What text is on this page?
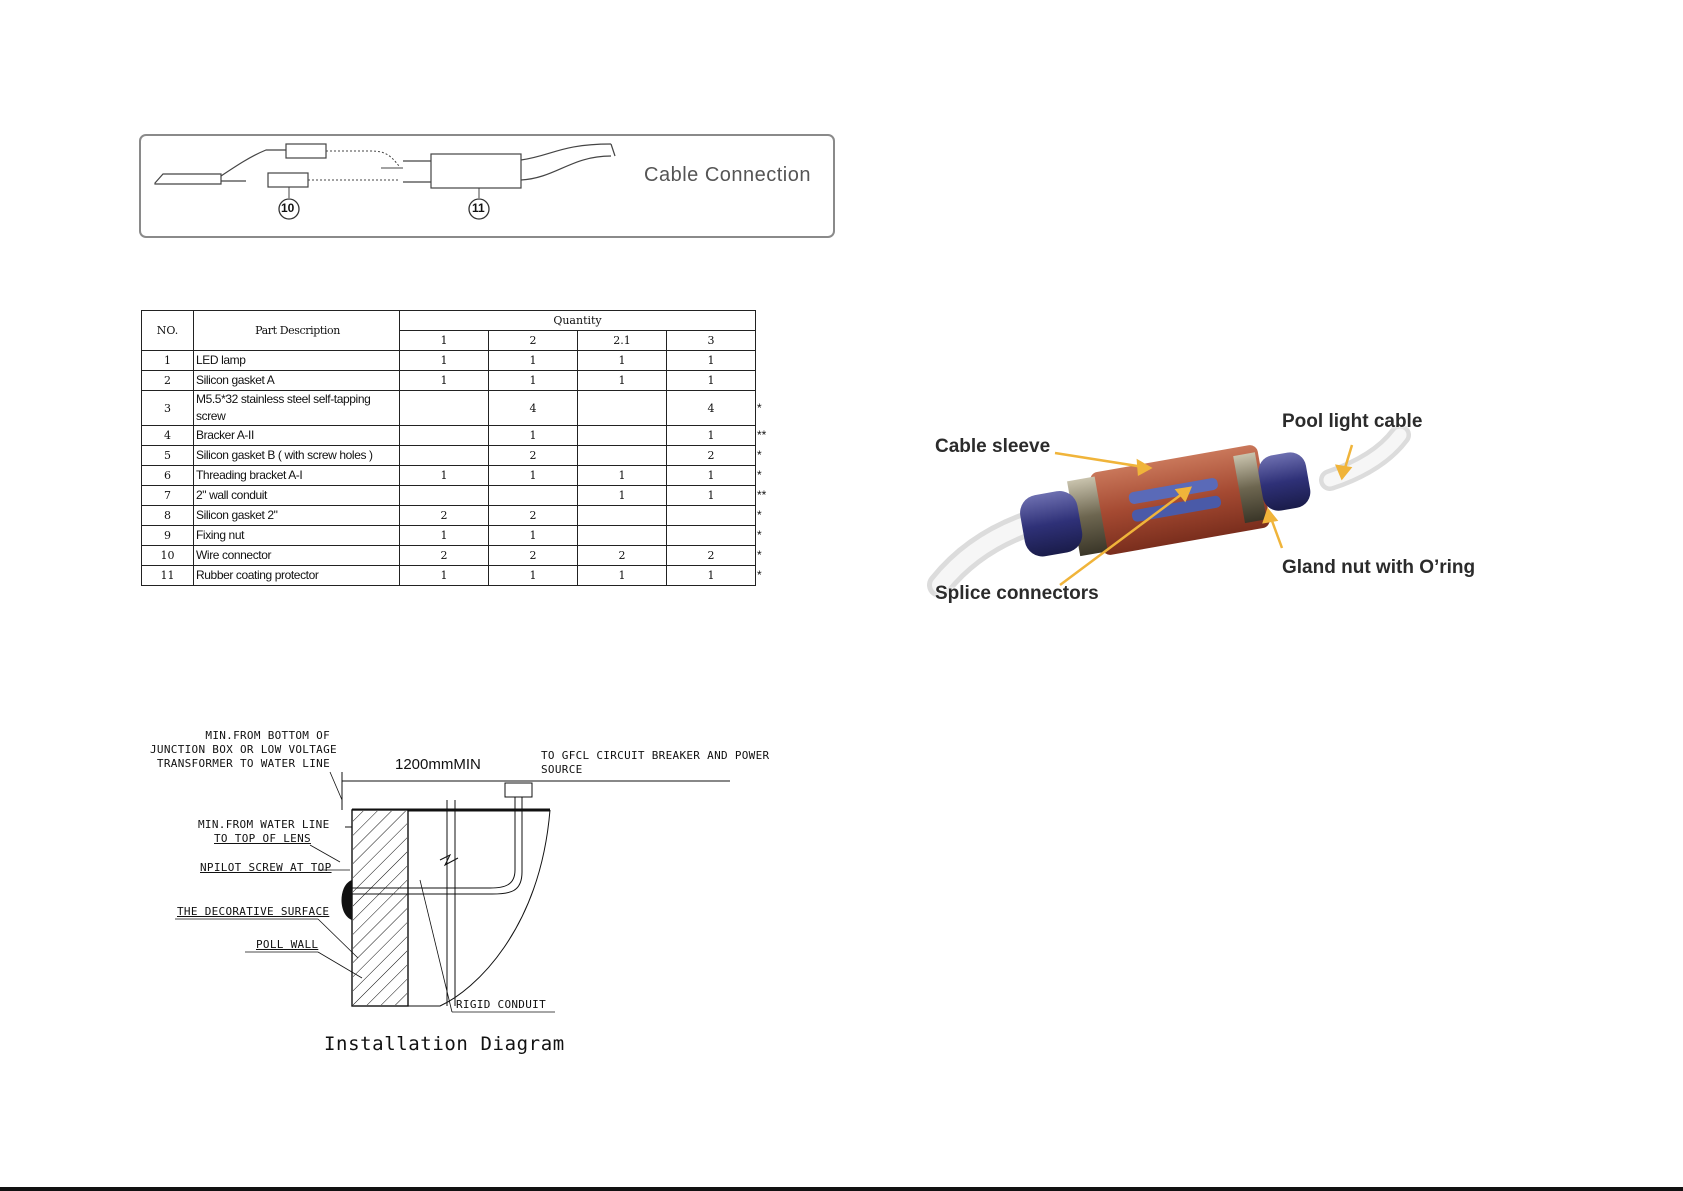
10	11
Cable Connection
NO.	Part Description	Quantity				
		1	2	2.1	3	
1	LED lamp	1	1	1	1	
2	Silicon gasket A	1	1	1	1	
3	M5.5*32 stainless steel self-tapping screw		4		4	*
4	Bracker A-II		1		1	**
5	Silicon gasket B ( with screw holes )		2		2	*
6	Threading bracket A-I	1	1	1	1	*
7	2" wall conduit			1	1	**
8	Silicon gasket 2"	2	2			*
9	Fixing nut	1	1			*
10	Wire connector	2	2	2	2	*
11	Rubber coating protector	1	1	1	1	*
MIN.FROM BOTTOM OF
JUNCTION BOX OR LOW VOLTAGE
TRANSFORMER TO WATER LINE	1200mmMIN
TO GFCL CIRCUIT BREAKER AND POWER
SOURCE
MIN.FROM WATER LINE
TO TOP OF LENS
NPILOT SCREW AT TOP
THE DECORATIVE SURFACE
POLL WALL
RIGID CONDUIT
Installation Diagram
Cable sleeve
Pool light cable
Splice connectors
Gland nut with O’ring
